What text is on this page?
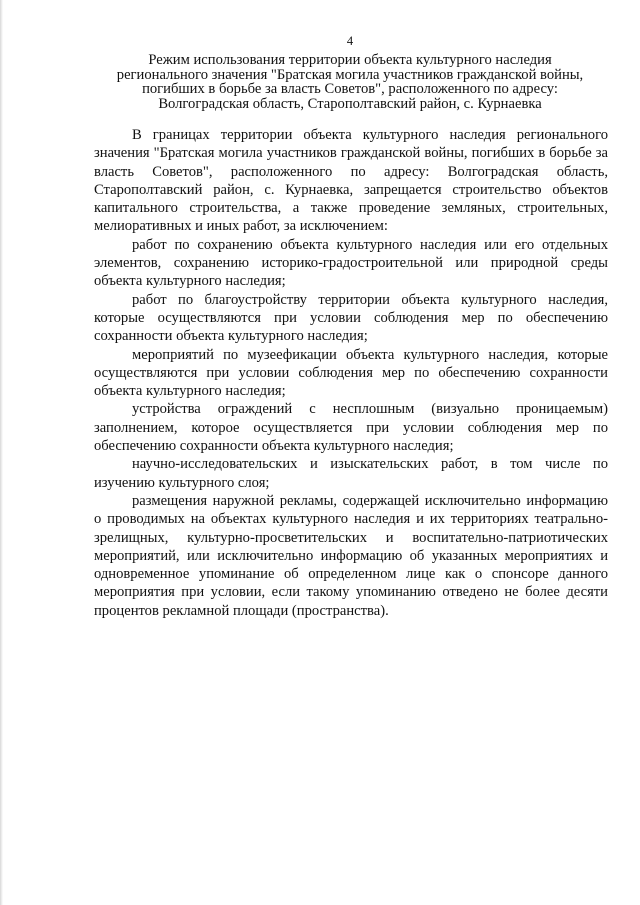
4
Режим использования территории объекта культурного наследия
регионального значения "Братская могила участников гражданской войны,
погибших в борьбе за власть Советов", расположенного по адресу:
Волгоградская область, Старополтавский район, с. Курнаевка

В границах территории объекта культурного наследия регионального значения "Братская могила участников гражданской войны, погибших в борьбе за власть Советов", расположенного по адресу: Волгоградская область, Старополтавский район, с. Курнаевка, запрещается строительство объектов капитального строительства, а также проведение земляных, строительных, мелиоративных и иных работ, за исключением:

работ по сохранению объекта культурного наследия или его отдельных элементов, сохранению историко-градостроительной или природной среды объекта культурного наследия;

работ по благоустройству территории объекта культурного наследия, которые осуществляются при условии соблюдения мер по обеспечению сохранности объекта культурного наследия;

мероприятий по музеефикации объекта культурного наследия, которые осуществляются при условии соблюдения мер по обеспечению сохранности объекта культурного наследия;

устройства ограждений с несплошным (визуально проницаемым) заполнением, которое осуществляется при условии соблюдения мер по обеспечению сохранности объекта культурного наследия;

научно-исследовательских и изыскательских работ, в том числе по изучению культурного слоя;

размещения наружной рекламы, содержащей исключительно информацию о проводимых на объектах культурного наследия и их территориях театрально-зрелищных, культурно-просветительских и воспитательно-патриотических мероприятий, или исключительно информацию об указанных мероприятиях и одновременное упоминание об определенном лице как о спонсоре данного мероприятия при условии, если такому упоминанию отведено не более десяти процентов рекламной площади (пространства).
